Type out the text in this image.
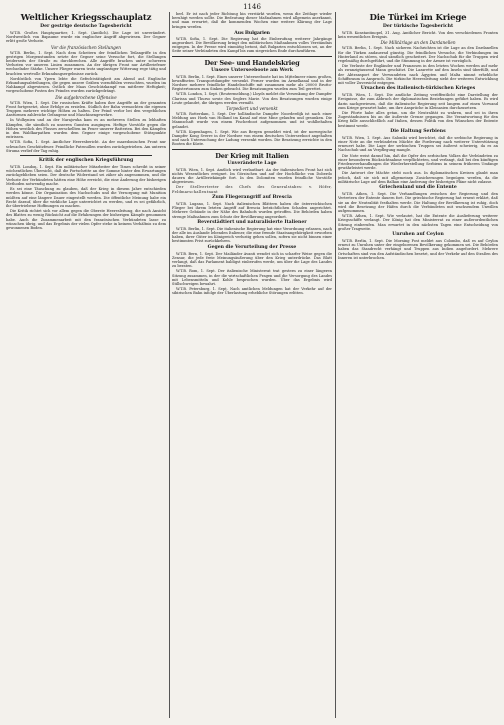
1146
Weltlicher Kriegsschauplatz
Der gestrige deutsche Tagesbericht

W.T.B. Großes Hauptquartier, 1. Sept. (Amtlich). Die Lage ist unverändert. Nordwestlich von Bapaume wurde ein englischer Angriff abgewiesen. Der Gegner erlitt große Verluste.

Vor die französischen Stellungen

W.T.B. Berlin, 1. Sept. Nach dem Scheitern der feindlichen Teilangriffe in den gestrigen Morgenstunden setzte der Gegner seine Versuche fort, die Stellungen beiderseits der Straße zu durchbrechen. Alle Angriffe brachen unter schweren Verlusten vor unseren Linien zusammen. An der übrigen Front nur Artilleriefeuer wechselnder Stärke. Unsere Flieger waren trotz ungünstiger Witterung rege tätig und brachten wertvolle Erkundungsergebnisse zurück.

Nordöstlich von Ypern lebte die Gefechtstätigkeit am Abend auf. Englische Erkundungsabteilungen, die gegen unsere Gräben vorzufühlen versuchten, wurden im Nahkampf abgewiesen. Östlich der Maas Geschützkampf von mittlerer Heftigkeit; vorgeschobene Posten des Feindes wurden zurückgedrängt.

Die aufgebrochene Offensive

W.T.B. Wien, 1. Sept. Die russischen Kräfte haben ihre Angriffe an der gesamten Front fortgesetzt, ohne Erfolge zu erzielen. Südlich der Bahn vermochten die eigenen Truppen mehrere wichtige Höhen zu halten. Der Feind verlor bei den vergeblichen Anstürmen zahlreiche Gefangene und Maschinengewehre.

In Wolhynien und an der Narajowka kam es an mehreren Stellen zu lebhaften Kämpfen, die sämtlich zu unseren Gunsten ausgingen. Heftige Vorstöße gegen die Höhen westlich des Flusses zerschellten im Feuer unserer Batterien. Bei den Kämpfen in den Waldkarpathen wurden dem Gegner einige vorgeschobene Stützpunkte entrissen.

W.T.B. Sofia, 1. Sept. Amtlicher Heeresbericht. An der mazedonischen Front nur schwaches Geschützfeuer. Feindliche Patrouillen wurden zurückgetrieben. Am unteren Struma verlief der Tag ruhig.

Kritik der englischen Kriegsführung

W.T.B. London, 1. Sept. Ein militärischer Mitarbeiter der Times schreibt in seiner wöchentlichen Übersicht, daß die Fortschritte an der Somme hinter den Erwartungen zurückgeblieben seien. Der deutsche Widerstand sei zäher als angenommen, und die Verluste der Verbündeten hätten eine Höhe erreicht, die eine Änderung der bisherigen Methoden notwendig mache.

Es sei eine Täuschung zu glauben, daß der Krieg in diesem Jahre entschieden werden könne. Die Organisation des Nachschubs und die Versorgung mit Munition müßten auf eine längere Dauer eingestellt werden. Die öffentliche Meinung habe ein Recht darauf, über die wirkliche Lage unterrichtet zu werden, und es sei gefährlich, ihr übertriebene Hoffnungen zu machen.

Die Kritik richtet sich vor allem gegen die Oberste Heeresleitung, die nach Ansicht des Blattes zu wenig Rücksicht auf die Erfahrungen der bisherigen Kämpfe genommen habe. Auch die Zusammenarbeit mit den französischen Verbündeten lasse zu wünschen übrig, und das Ergebnis der vielen Opfer stehe in keinem Verhältnis zu dem gewonnenen Boden.

berl. Er ist nach jeder Richtung hin verstärkt worden, wenn die Zeitlage wieder beruhigt werden sollte. Die Bedeutung dieser Maßnahmen wird allgemein anerkannt, und man erwartet, daß die kommenden Wochen eine weitere Klärung der Lage bringen werden.

Aus Bulgarien

W.T.B. Sofia, 1. Sept. Die Regierung hat die Einberufung weiterer Jahrgänge angeordnet. Die Bevölkerung bringt den militärischen Maßnahmen volles Verständnis entgegen. In der Presse wird einmütig betont, daß Bulgarien entschlossen sei, an der Seite seiner Verbündeten den Kampf bis zum siegreichen Ende durchzuführen.

Der See- und Handelskrieg
Unsere Unterseeboote am Werk

W.T.B. Berlin, 1. Sept. Eines unserer Unterseeboote hat im Mittelmeer einen großen, bewaffneten Transportdampfer versenkt. Ferner wurden im Ärmelkanal und in der Nordsee mehrere feindliche Handelsschiffe mit zusammen mehr als 20000 Brutto-Registertonnen zum Sinken gebracht. Die Besatzungen wurden zum Teil gerettet.

W.T.B. London, 1. Sept. (Reutermeldung.) Lloyds meldet die Versenkung der Dampfer Clarissa und Thurso sowie des Seglers Marie. Von den Besatzungen wurden einige Leute gelandet, die übrigen werden vermißt.

Torpediert und versenkt

W.T.B. Rotterdam, 1. Sept. Der holländische Dampfer Noorderdijk ist nach einer Meldung aus Hoek van Holland im Kanal auf eine Mine gelaufen und gesunken. Die Mannschaft wurde von einem Fischerboot aufgenommen und ist wohlbehalten gelandet.

W.T.B. Kopenhagen, 1. Sept. Wie aus Bergen gemeldet wird, ist der norwegische Dampfer Kong Sverre in der Nordsee von einem deutschen Unterseeboot angehalten und nach Untersuchung der Ladung versenkt worden. Die Besatzung erreichte in den Booten die Küste.

Der Krieg mit Italien
Unveränderte Lage

W.T.B. Wien, 1. Sept. Amtlich wird verlautbart: An der italienischen Front hat sich nichts Wesentliches ereignet. Im Görzischen und auf der Hochfläche von Doberdo dauern die Artilleriekämpfe fort. In den Dolomiten wurden feindliche Vorstöße abgewiesen.

Der Stellvertreter des Chefs des Generalstabes: v. Höfer, Feldmarschalleutnant

Zum Fliegerangriff auf Brescia

W.T.B. Lugano, 1. Sept. Nach italienischen Blättern haben die österreichischen Flieger bei ihrem letzten Angriff auf Brescia beträchtlichen Schaden angerichtet. Mehrere Gebäude in der Nähe des Bahnhofs wurden getroffen. Die Behörden haben strenge Maßnahmen zum Schutz der Bevölkerung angeordnet.

Beverstädtiert und naturalisierte Italiener

W.T.B. Berlin, 1. Sept. Die italienische Regierung hat eine Verordnung erlassen, nach der alle im Auslande lebenden Italiener, die eine fremde Staatsangehörigkeit erworben haben, ihrer Güter im Königreich verlustig gehen sollen, sofern sie nicht binnen einer bestimmten Frist zurückkehren.

Gegen die Verurteilung der Presse

W.T.B. Bern, 1. Sept. Der Mailänder Avanti wendet sich in scharfer Weise gegen die Zensur, die jede freie Meinungsäußerung über den Krieg unterdrücke. Das Blatt verlangt, daß das Parlament baldigst einberufen werde, um über die Lage des Landes zu beraten.

W.T.B. Rom, 1. Sept. Der italienische Ministerrat trat gestern zu einer längeren Sitzung zusammen, in der die wirtschaftlichen Fragen und die Versorgung des Landes mit Lebensmitteln und Kohle besprochen wurden. Über das Ergebnis wird Stillschweigen bewahrt.

W.T.B. Petersburg, 1. Sept. Nach amtlichen Meldungen hat der Verkehr auf der sibirischen Bahn infolge der Überlastung erhebliche Störungen erlitten.

Die Türkei im Kriege
Der türkische Tagesbericht

W.T.B. Konstantinopel, 31. Aug. Amtlicher Bericht. Von den verschiedenen Fronten kein wesentliches Ereignis.

Die Militärlage an den Dardanellen

W.T.B. Berlin, 1. Sept. Nach sicheren Nachrichten ist die Lage an den Dardanellen für die Türken andauernd günstig. Die feindlichen Versuche, die Verbindungen im Hinterland zu stören, sind sämtlich gescheitert. Der Nachschub für die Truppen wird regelmäßig durchgeführt, und die Stimmung in der Armee ist vorzüglich.

Die Verluste der Engländer und Franzosen in den letzten Wochen werden auf mehr als zwanzigtausend Mann geschätzt. Die Lazarette auf den Inseln sind überfüllt, und der Abtransport der Verwundeten nach Ägypten und Malta nimmt erhebliche Schiffsraum in Anspruch. Die türkische Heeresleitung sieht der weiteren Entwicklung mit voller Zuversicht entgegen.

Ursachen des italienisch-türkischen Krieges

W.T.B. Wien, 1. Sept. Die amtliche Zeitung veröffentlicht eine Darstellung der Ereignisse, die zum Abbruch der diplomatischen Beziehungen geführt haben. Es wird darin nachgewiesen, daß die italienische Regierung seit langem auf einen Vorwand zum Kriege gewartet habe, um ihre Ansprüche in Kleinasien durchzusetzen.

Die Pforte habe alles getan, um die Neutralität zu wahren, und sei in ihren Zugeständnissen bis an die äußerste Grenze gegangen. Die Verantwortung für den Krieg falle ausschließlich auf Italien, dessen Politik von den Wünschen der Entente bestimmt werde.

Die Haltung Serbiens

W.T.B. Wien, 1. Sept. Aus Saloniki wird berichtet, daß die serbische Regierung in einer Note an die verbündeten Mächte die Forderung nach weiterer Unterstützung erneuert habe. Die Lage der serbischen Truppen sei äußerst schwierig, da es an Nachschub und an Verpflegung mangle.

Die Note weist darauf hin, daß die Opfer des serbischen Volkes die Verbündeten zu einer besonderen Rücksichtnahme verpflichteten, und verlangt, daß bei den künftigen Friedensverhandlungen die Wiederherstellung Serbiens in seinem früheren Umfange gewährleistet werde.

Die Antwort der Mächte steht noch aus. In diplomatischen Kreisen glaubt man jedoch, daß sie sich mit allgemeinen Zusicherungen begnügen werden, da die militärische Lage auf dem Balkan eine Änderung der bisherigen Pläne nicht zulasse.

Griechenland und die Entente

W.T.B. Athen, 1. Sept. Die Verhandlungen zwischen der Regierung und den Vertretern der Entente dauern fort. Die griechische Regierung hat erneut erklärt, daß sie an der Neutralität festhalten werde. Die Haltung der Bevölkerung ist ruhig, doch wird die Besetzung der Häfen durch die Verbündeten mit wachsendem Unwillen aufgenommen.

W.T.B. Athen, 1. Sept. Wie verlautet, hat die Entente die Auslieferung weiterer Kriegsschiffe verlangt. Der König hat den Ministerrat zu einer außerordentlichen Sitzung einberufen. Man erwartet in den nächsten Tagen eine Entscheidung von großer Tragweite.

Unruhen auf Ceylon

W.T.B. Berlin, 1. Sept. Die Morning Post meldet aus Colombo, daß es auf Ceylon erneut zu Unruhen unter der eingeborenen Bevölkerung gekommen sei. Die Behörden haben das Standrecht verhängt und Truppen aus Indien angefordert. Mehrere Ortschaften sind von den Aufständischen besetzt, und der Verkehr auf den Straßen des Inneren ist unterbrochen.
